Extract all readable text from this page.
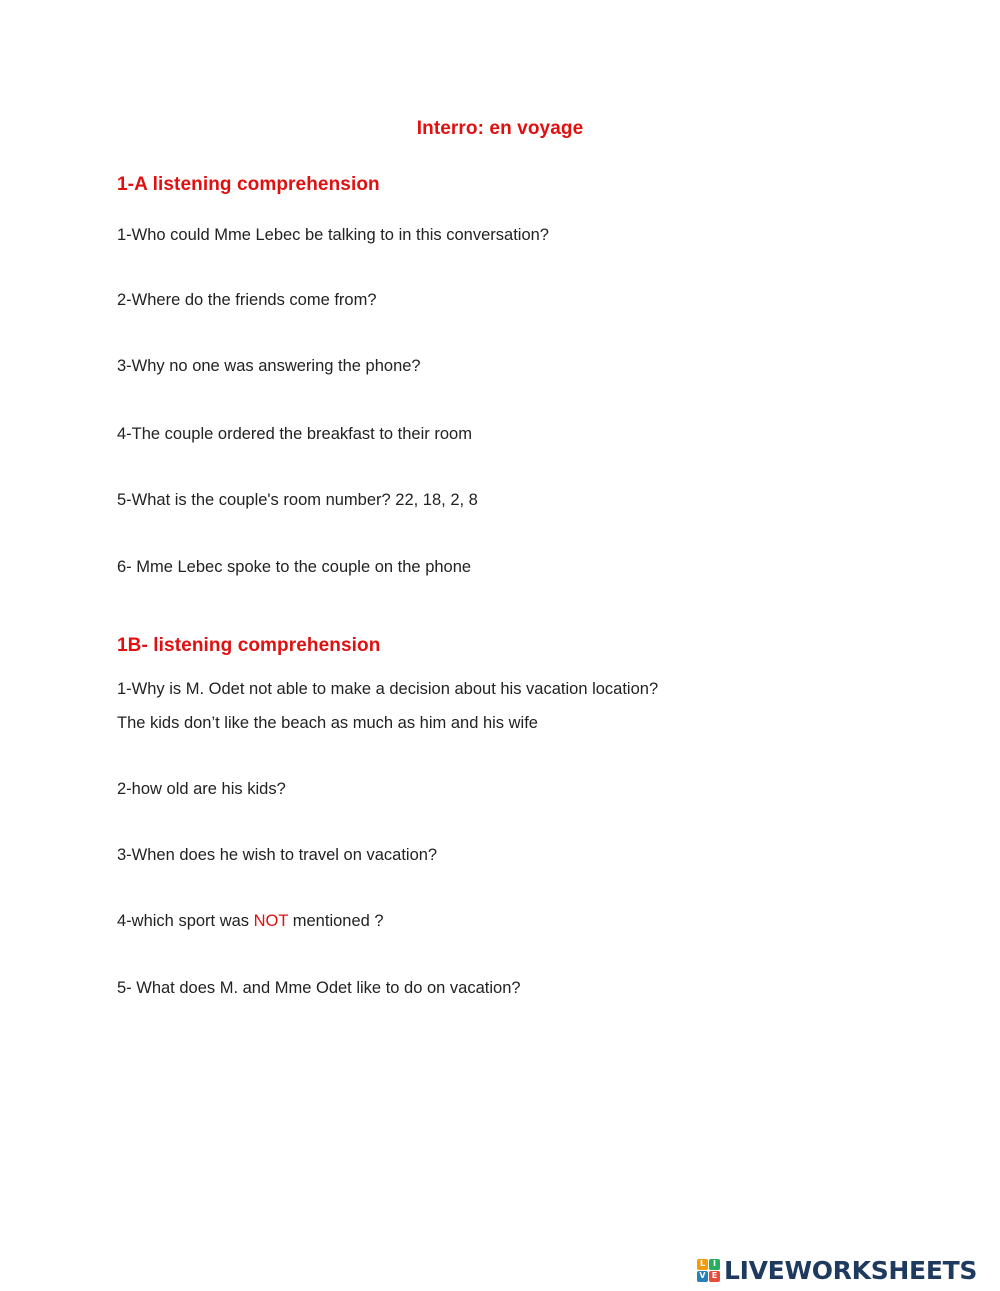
Interro: en voyage
1-A listening comprehension
1-Who could Mme Lebec be talking to in this conversation?
2-Where do the friends come from?
3-Why no one was answering the phone?
4-The couple ordered the breakfast to their room
5-What is the couple's room number? 22, 18, 2, 8
6- Mme Lebec spoke to the couple on the phone
1B- listening comprehension
1-Why is M. Odet not able to make a decision about his vacation location?
The kids don’t like the beach as much as him and his wife
2-how old are his kids?
3-When does he wish to travel on vacation?
4-which sport was NOT mentioned ?
5- What does M. and Mme Odet like to do on vacation?
L I
V E LIVEWORKSHEETS
